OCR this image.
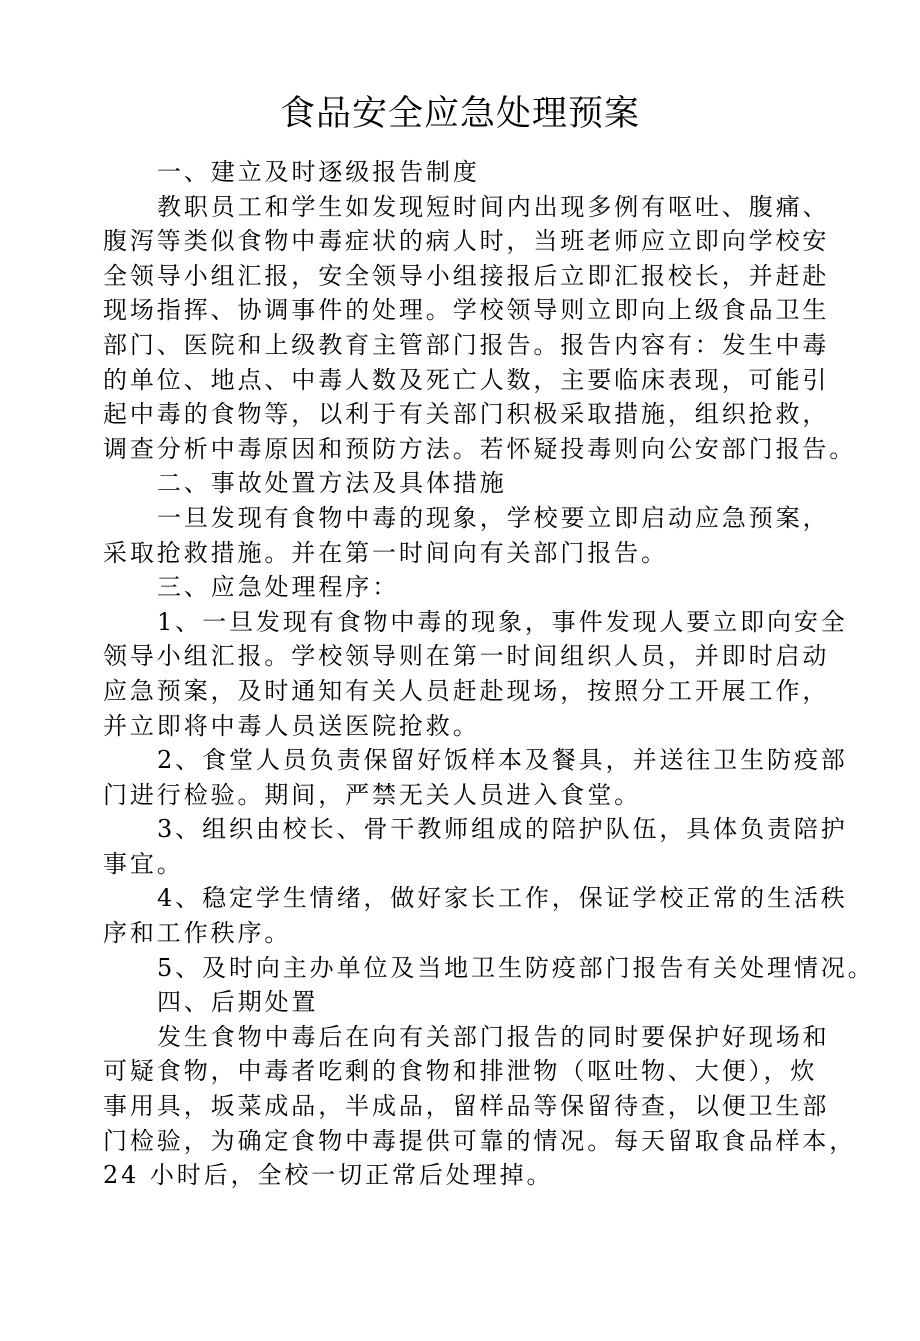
食品安全应急处理预案

一、建立及时逐级报告制度

教职员工和学生如发现短时间内出现多例有呕吐、腹痛、
腹泻等类似食物中毒症状的病人时，当班老师应立即向学校安
全领导小组汇报，安全领导小组接报后立即汇报校长，并赶赴
现场指挥、协调事件的处理。学校领导则立即向上级食品卫生
部门、医院和上级教育主管部门报告。报告内容有：发生中毒
的单位、地点、中毒人数及死亡人数，主要临床表现，可能引
起中毒的食物等，以利于有关部门积极采取措施，组织抢救，
调查分析中毒原因和预防方法。若怀疑投毒则向公安部门报告。

二、事故处置方法及具体措施

一旦发现有食物中毒的现象，学校要立即启动应急预案，
采取抢救措施。并在第一时间向有关部门报告。

三、应急处理程序：

1、一旦发现有食物中毒的现象，事件发现人要立即向安全
领导小组汇报。学校领导则在第一时间组织人员，并即时启动
应急预案，及时通知有关人员赶赴现场，按照分工开展工作，
并立即将中毒人员送医院抢救。

2、食堂人员负责保留好饭样本及餐具，并送往卫生防疫部
门进行检验。期间，严禁无关人员进入食堂。

3、组织由校长、骨干教师组成的陪护队伍，具体负责陪护
事宜。

4、稳定学生情绪，做好家长工作，保证学校正常的生活秩
序和工作秩序。

5、及时向主办单位及当地卫生防疫部门报告有关处理情况。

四、后期处置

发生食物中毒后在向有关部门报告的同时要保护好现场和
可疑食物，中毒者吃剩的食物和排泄物（呕吐物、大便），炊
事用具，坂菜成品，半成品，留样品等保留待查，以便卫生部
门检验，为确定食物中毒提供可靠的情况。每天留取食品样本，
24 小时后，全校一切正常后处理掉。
